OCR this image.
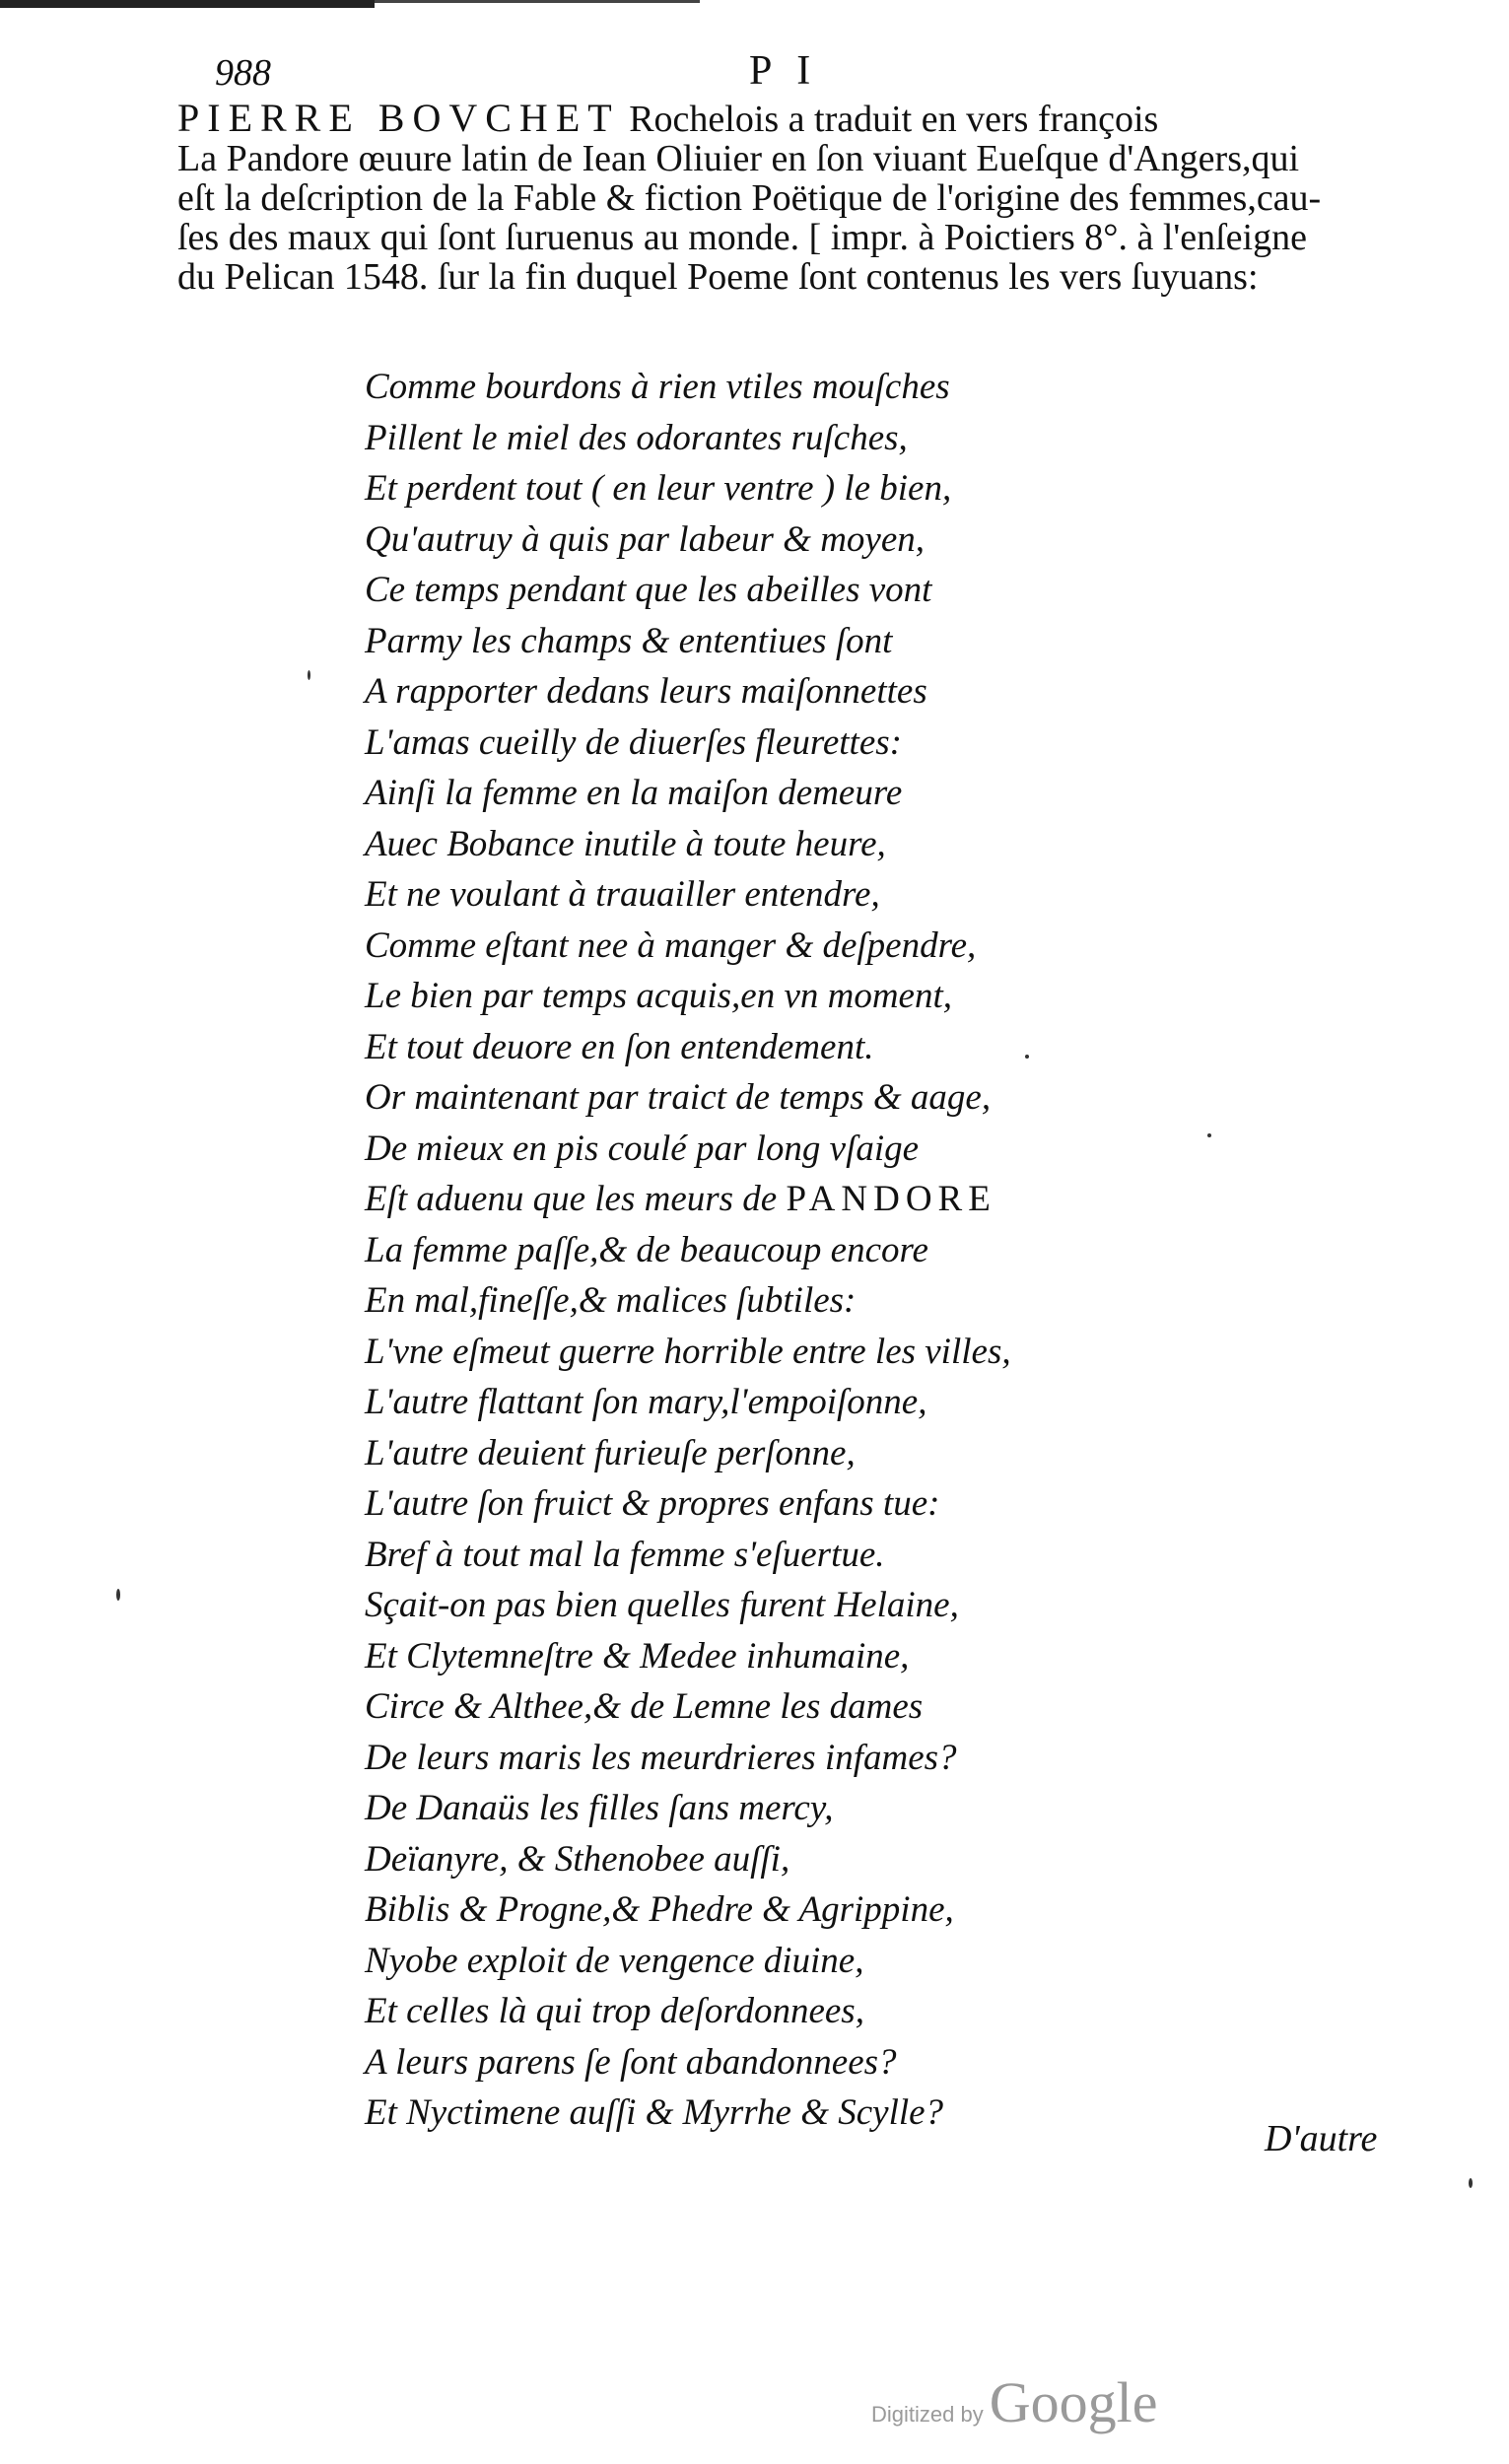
988	P I
PIERRE BOVCHET Rochelois a traduit en vers françois
La Pandore œuure latin de Iean Oliuier en ſon viuant Eueſque d'Angers,qui
eſt la deſcription de la Fable & fiction Poëtique de l'origine des femmes,cau-
ſes des maux qui ſont ſuruenus au monde. [ impr. à Poictiers 8°. à l'enſeigne
du Pelican 1548. ſur la fin duquel Poeme ſont contenus les vers ſuyuans:
Comme bourdons à rien vtiles mouſches
Pillent le miel des odorantes ruſches,
Et perdent tout ( en leur ventre ) le bien,
Qu'autruy à quis par labeur & moyen,
Ce temps pendant que les abeilles vont
Parmy les champs & ententiues ſont
A rapporter dedans leurs maiſonnettes
L'amas cueilly de diuerſes fleurettes:
Ainſi la femme en la maiſon demeure
Auec Bobance inutile à toute heure,
Et ne voulant à trauailler entendre,
Comme eſtant nee à manger & deſpendre,
Le bien par temps acquis,en vn moment,
Et tout deuore en ſon entendement.
Or maintenant par traict de temps & aage,
De mieux en pis coulé par long vſaige
Eſt aduenu que les meurs de PANDORE
La femme paſſe,& de beaucoup encore
En mal,fineſſe,& malices ſubtiles:
L'vne eſmeut guerre horrible entre les villes,
L'autre flattant ſon mary,l'empoiſonne,
L'autre deuient furieuſe perſonne,
L'autre ſon fruict & propres enfans tue:
Bref à tout mal la femme s'eſuertue.
Sçait-on pas bien quelles furent Helaine,
Et Clytemneſtre & Medee inhumaine,
Circe & Althee,& de Lemne les dames
De leurs maris les meurdrieres infames?
De Danaüs les filles ſans mercy,
Deïanyre, & Sthenobee auſſi,
Biblis & Progne,& Phedre & Agrippine,
Nyobe exploit de vengence diuine,
Et celles là qui trop deſordonnees,
A leurs parens ſe ſont abandonnees?
Et Nyctimene auſſi & Myrrhe & Scylle?
D'autre
Digitized by Google
